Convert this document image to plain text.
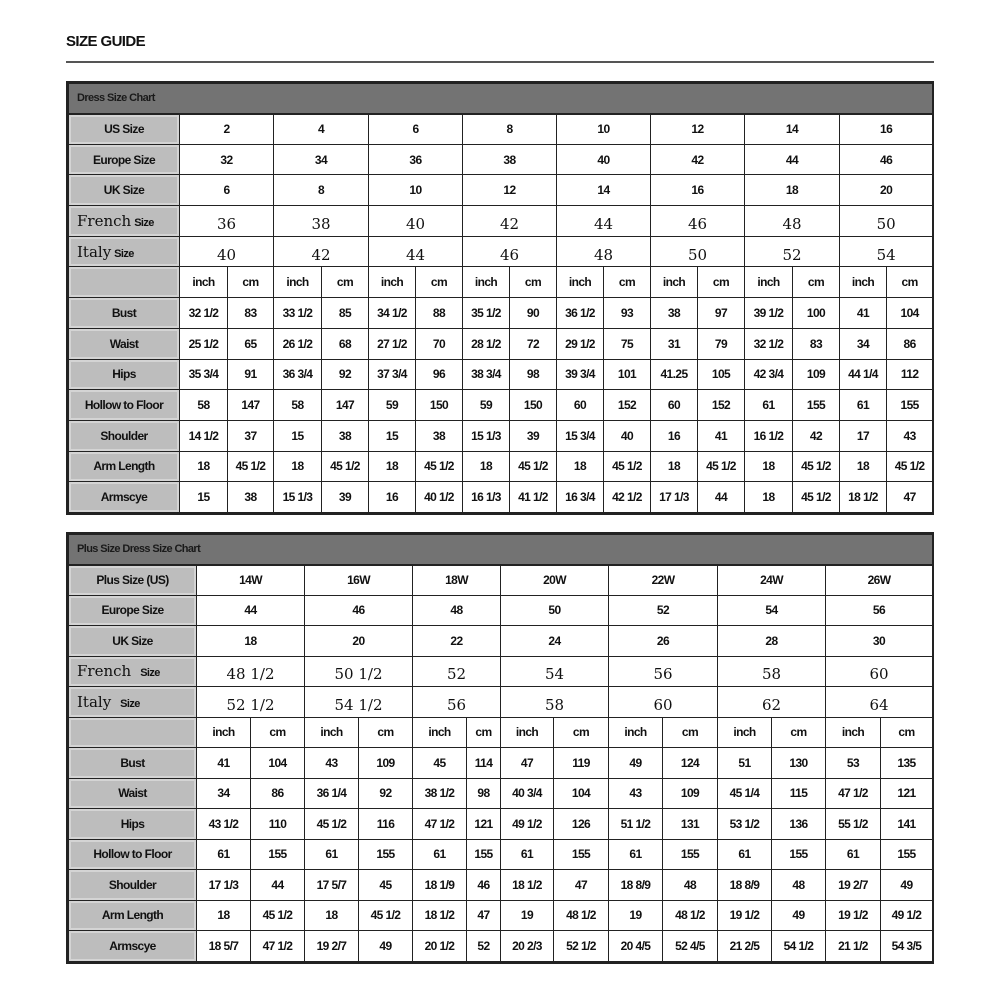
SIZE GUIDE
Dress Size Chart																
US Size	2		4		6		8		10		12		14		16	
Europe Size	32		34		36		38		40		42		44		46	
UK Size	6		8		10		12		14		16		18		20	
French Size	36		38		40		42		44		46		48		50	
Italy Size	40		42		44		46		48		50		52		54	
	inch	cm	inch	cm	inch	cm	inch	cm	inch	cm	inch	cm	inch	cm	inch	cm
Bust	32 1/2	83	33 1/2	85	34 1/2	88	35 1/2	90	36 1/2	93	38	97	39 1/2	100	41	104
Waist	25 1/2	65	26 1/2	68	27 1/2	70	28 1/2	72	29 1/2	75	31	79	32 1/2	83	34	86
Hips	35 3/4	91	36 3/4	92	37 3/4	96	38 3/4	98	39 3/4	101	41.25	105	42 3/4	109	44 1/4	112
Hollow to Floor	58	147	58	147	59	150	59	150	60	152	60	152	61	155	61	155
Shoulder	14 1/2	37	15	38	15	38	15 1/3	39	15 3/4	40	16	41	16 1/2	42	17	43
Arm Length	18	45 1/2	18	45 1/2	18	45 1/2	18	45 1/2	18	45 1/2	18	45 1/2	18	45 1/2	18	45 1/2
Armscye	15	38	15 1/3	39	16	40 1/2	16 1/3	41 1/2	16 3/4	42 1/2	17 1/3	44	18	45 1/2	18 1/2	47
Plus Size Dress Size Chart														
Plus Size (US)	14W		16W		18W		20W		22W		24W		26W	
Europe Size	44		46		48		50		52		54		56	
UK Size	18		20		22		24		26		28		30	
French Size	48 1/2		50 1/2		52		54		56		58		60	
Italy Size	52 1/2		54 1/2		56		58		60		62		64	
	inch	cm	inch	cm	inch	cm	inch	cm	inch	cm	inch	cm	inch	cm
Bust	41	104	43	109	45	114	47	119	49	124	51	130	53	135
Waist	34	86	36 1/4	92	38 1/2	98	40 3/4	104	43	109	45 1/4	115	47 1/2	121
Hips	43 1/2	110	45 1/2	116	47 1/2	121	49 1/2	126	51 1/2	131	53 1/2	136	55 1/2	141
Hollow to Floor	61	155	61	155	61	155	61	155	61	155	61	155	61	155
Shoulder	17 1/3	44	17 5/7	45	18 1/9	46	18 1/2	47	18 8/9	48	18 8/9	48	19 2/7	49
Arm Length	18	45 1/2	18	45 1/2	18 1/2	47	19	48 1/2	19	48 1/2	19 1/2	49	19 1/2	49 1/2
Armscye	18 5/7	47 1/2	19 2/7	49	20 1/2	52	20 2/3	52 1/2	20 4/5	52 4/5	21 2/5	54 1/2	21 1/2	54 3/5
